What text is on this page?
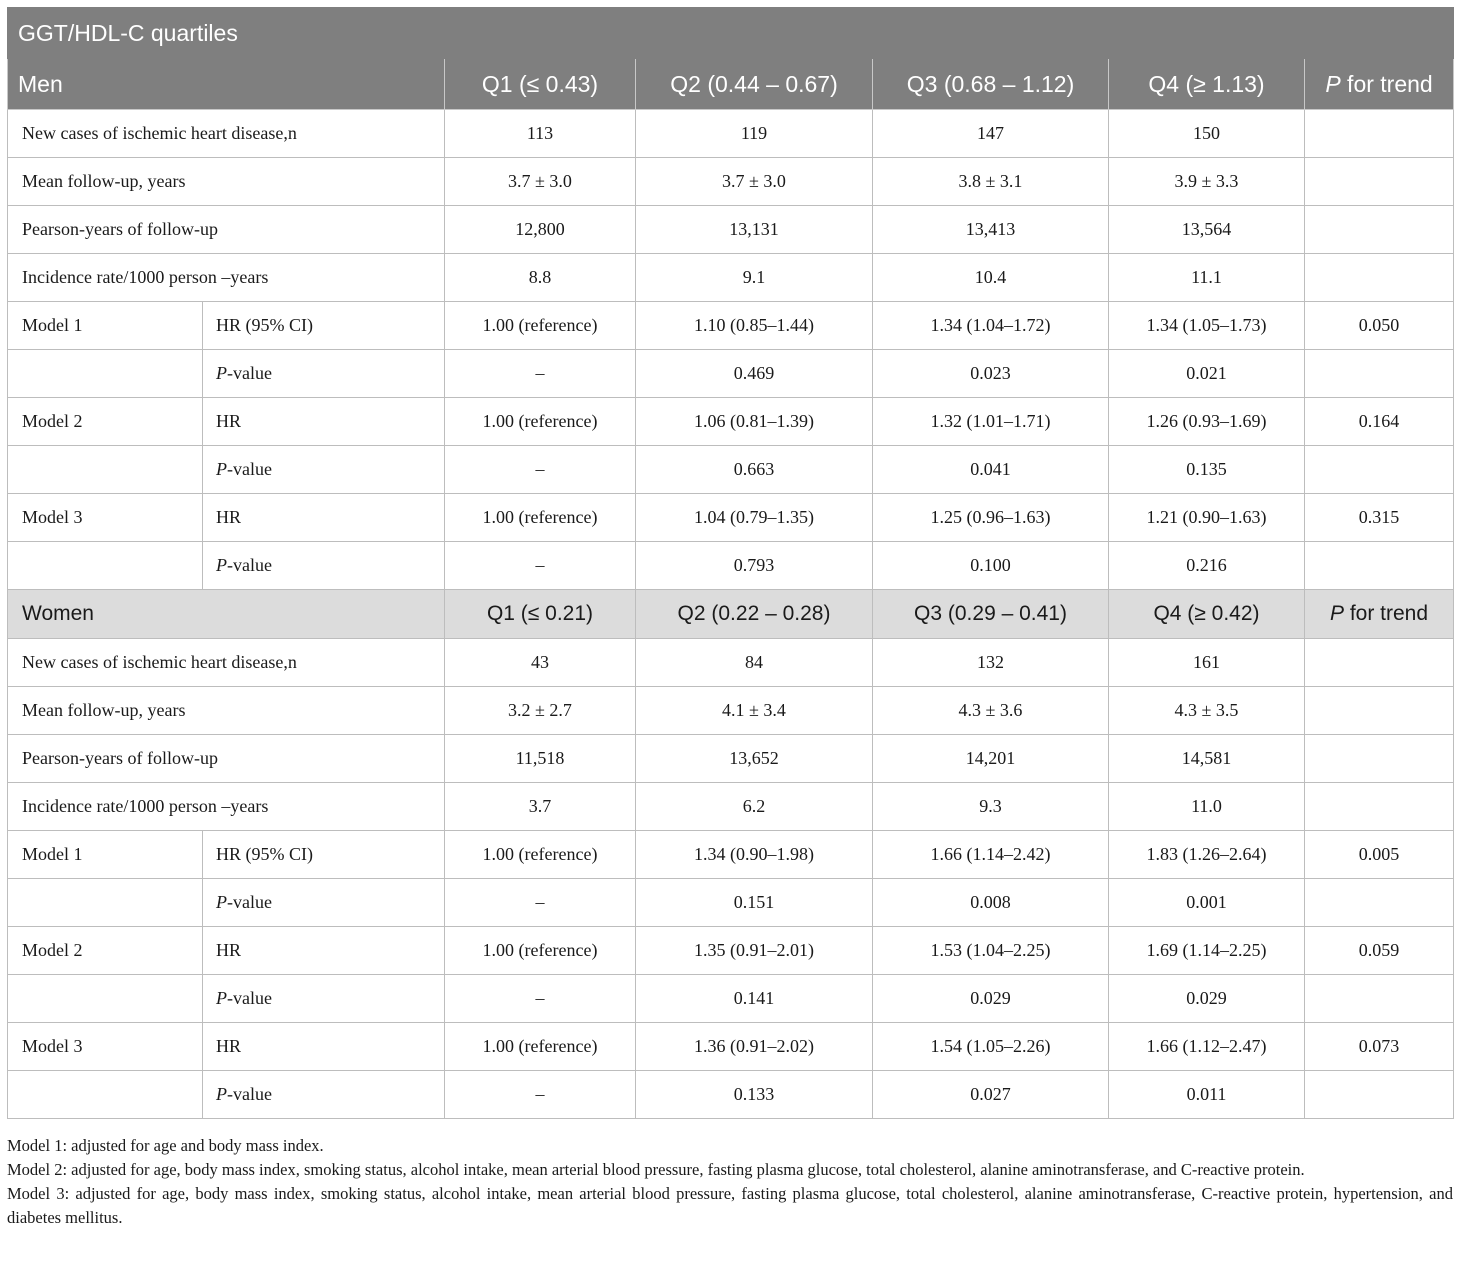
GGT/HDL-C quartiles						
Men		Q1 (≤ 0.43)	Q2 (0.44 – 0.67)	Q3 (0.68 – 1.12)	Q4 (≥ 1.13)	P for trend
New cases of ischemic heart disease,n		113	119	147	150	
Mean follow-up, years		3.7 ± 3.0	3.7 ± 3.0	3.8 ± 3.1	3.9 ± 3.3	
Pearson-years of follow-up		12,800	13,131	13,413	13,564	
Incidence rate/1000 person –years		8.8	9.1	10.4	11.1	
Model 1	HR (95% CI)	1.00 (reference)	1.10 (0.85–1.44)	1.34 (1.04–1.72)	1.34 (1.05–1.73)	0.050
	P-value	–	0.469	0.023	0.021	
Model 2	HR	1.00 (reference)	1.06 (0.81–1.39)	1.32 (1.01–1.71)	1.26 (0.93–1.69)	0.164
	P-value	–	0.663	0.041	0.135	
Model 3	HR	1.00 (reference)	1.04 (0.79–1.35)	1.25 (0.96–1.63)	1.21 (0.90–1.63)	0.315
	P-value	–	0.793	0.100	0.216	
Women		Q1 (≤ 0.21)	Q2 (0.22 – 0.28)	Q3 (0.29 – 0.41)	Q4 (≥ 0.42)	P for trend
New cases of ischemic heart disease,n		43	84	132	161	
Mean follow-up, years		3.2 ± 2.7	4.1 ± 3.4	4.3 ± 3.6	4.3 ± 3.5	
Pearson-years of follow-up		11,518	13,652	14,201	14,581	
Incidence rate/1000 person –years		3.7	6.2	9.3	11.0	
Model 1	HR (95% CI)	1.00 (reference)	1.34 (0.90–1.98)	1.66 (1.14–2.42)	1.83 (1.26–2.64)	0.005
	P-value	–	0.151	0.008	0.001	
Model 2	HR	1.00 (reference)	1.35 (0.91–2.01)	1.53 (1.04–2.25)	1.69 (1.14–2.25)	0.059
	P-value	–	0.141	0.029	0.029	
Model 3	HR	1.00 (reference)	1.36 (0.91–2.02)	1.54 (1.05–2.26)	1.66 (1.12–2.47)	0.073
	P-value	–	0.133	0.027	0.011	

Model 1: adjusted for age and body mass index.

Model 2: adjusted for age, body mass index, smoking status, alcohol intake, mean arterial blood pressure, fasting plasma glucose, total cholesterol, alanine aminotransferase, and C-reactive protein.

Model 3: adjusted for age, body mass index, smoking status, alcohol intake, mean arterial blood pressure, fasting plasma glucose, total cholesterol, alanine aminotransferase, C-reactive protein, hypertension, and diabetes mellitus.
